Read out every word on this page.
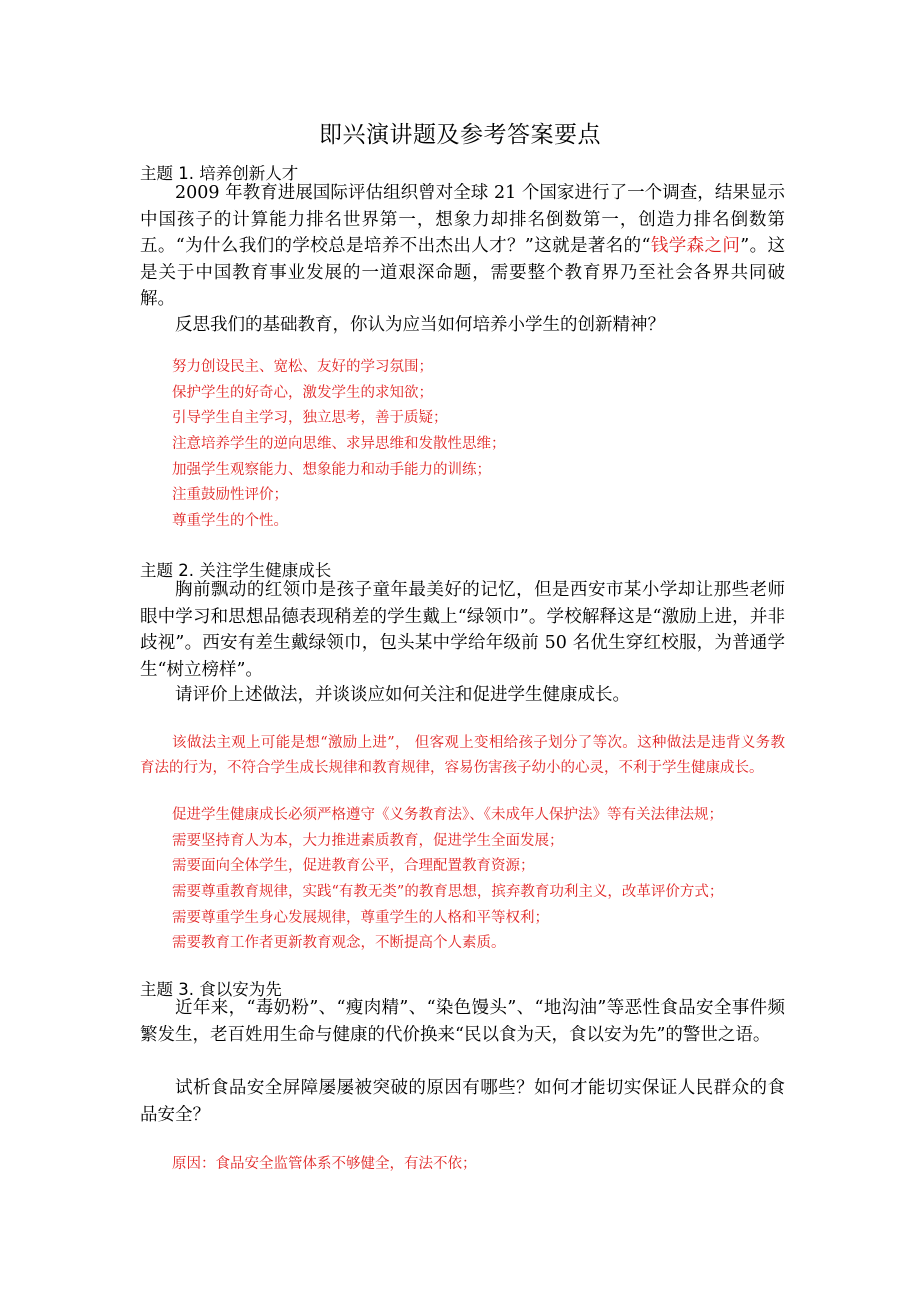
即兴演讲题及参考答案要点
主题 1. 培养创新人才

2009 年教育进展国际评估组织曾对全球 21 个国家进行了一个调查，结果显示中国孩子的计算能力排名世界第一，想象力却排名倒数第一，创造力排名倒数第五。“为什么我们的学校总是培养不出杰出人才？”这就是著名的“钱学森之问”。这是关于中国教育事业发展的一道艰深命题，需要整个教育界乃至社会各界共同破解。

反思我们的基础教育，你认为应当如何培养小学生的创新精神？
努力创设民主、宽松、友好的学习氛围；
保护学生的好奇心，激发学生的求知欲；
引导学生自主学习，独立思考，善于质疑；
注意培养学生的逆向思维、求异思维和发散性思维；
加强学生观察能力、想象能力和动手能力的训练；
注重鼓励性评价；
尊重学生的个性。
主题 2. 关注学生健康成长

胸前飘动的红领巾是孩子童年最美好的记忆，但是西安市某小学却让那些老师眼中学习和思想品德表现稍差的学生戴上“绿领巾”。学校解释这是“激励上进，并非歧视”。西安有差生戴绿领巾，包头某中学给年级前 50 名优生穿红校服，为普通学生“树立榜样”。

请评价上述做法，并谈谈应如何关注和促进学生健康成长。

该做法主观上可能是想“激励上进”， 但客观上变相给孩子划分了等次。这种做法是违背义务教育法的行为，不符合学生成长规律和教育规律，容易伤害孩子幼小的心灵，不利于学生健康成长。

促进学生健康成长必须严格遵守《义务教育法》、《未成年人保护法》等有关法律法规；
需要坚持育人为本，大力推进素质教育，促进学生全面发展；
需要面向全体学生，促进教育公平，合理配置教育资源；
需要尊重教育规律，实践“有教无类”的教育思想，摈弃教育功利主义，改革评价方式；
需要尊重学生身心发展规律，尊重学生的人格和平等权利；
需要教育工作者更新教育观念，不断提高个人素质。
主题 3. 食以安为先

近年来，“毒奶粉”、“瘦肉精”、“染色馒头”、“地沟油”等恶性食品安全事件频繁发生，老百姓用生命与健康的代价换来“民以食为天，食以安为先”的警世之语。

试析食品安全屏障屡屡被突破的原因有哪些？如何才能切实保证人民群众的食品安全？

原因：食品安全监管体系不够健全，有法不依；
